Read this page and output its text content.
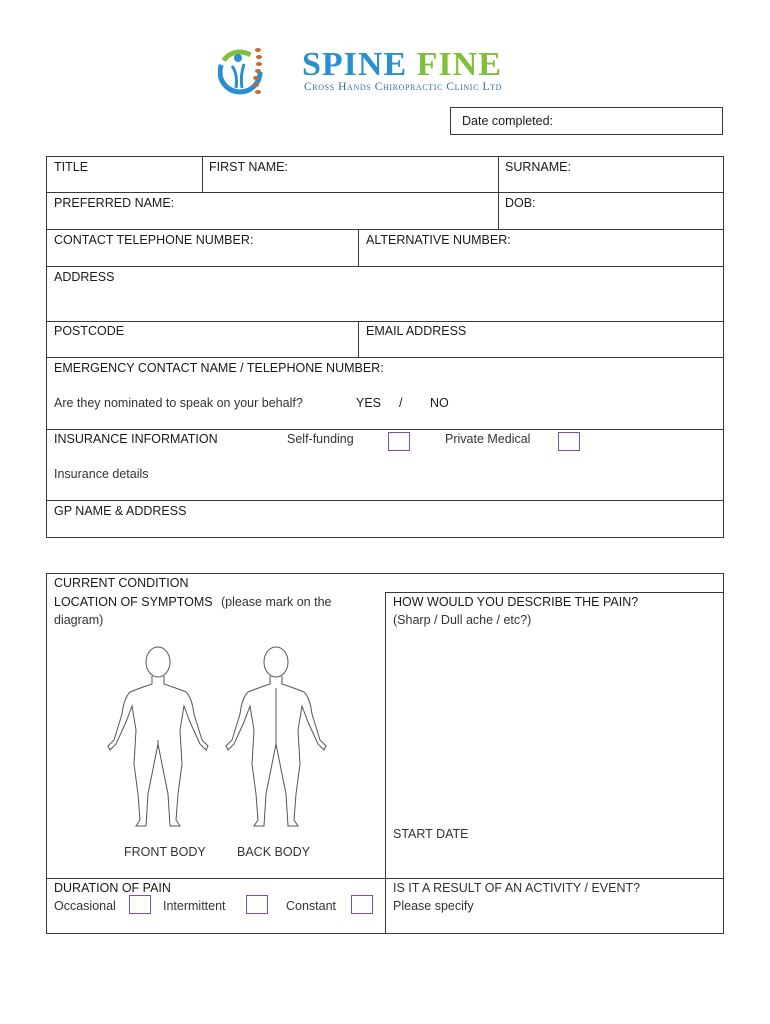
SPINE FINE
Cross Hands Chiropractic Clinic Ltd
Date completed:
TITLE	FIRST NAME:	SURNAME:
PREFERRED NAME:	DOB:
CONTACT TELEPHONE NUMBER:	ALTERNATIVE NUMBER:
ADDRESS
POSTCODE	EMAIL ADDRESS
EMERGENCY CONTACT NAME / TELEPHONE NUMBER:
Are they nominated to speak on your behalf?	YES / NO
INSURANCE INFORMATION	Self-funding	Private Medical
Insurance details
GP NAME & ADDRESS
CURRENT CONDITION
LOCATION OF SYMPTOMS (please mark on the
diagram)
HOW WOULD YOU DESCRIBE THE PAIN?
(Sharp / Dull ache / etc?)
START DATE
FRONT BODY	BACK BODY
DURATION OF PAIN
Occasional	Intermittent	Constant
IS IT A RESULT OF AN ACTIVITY / EVENT?
Please specify
